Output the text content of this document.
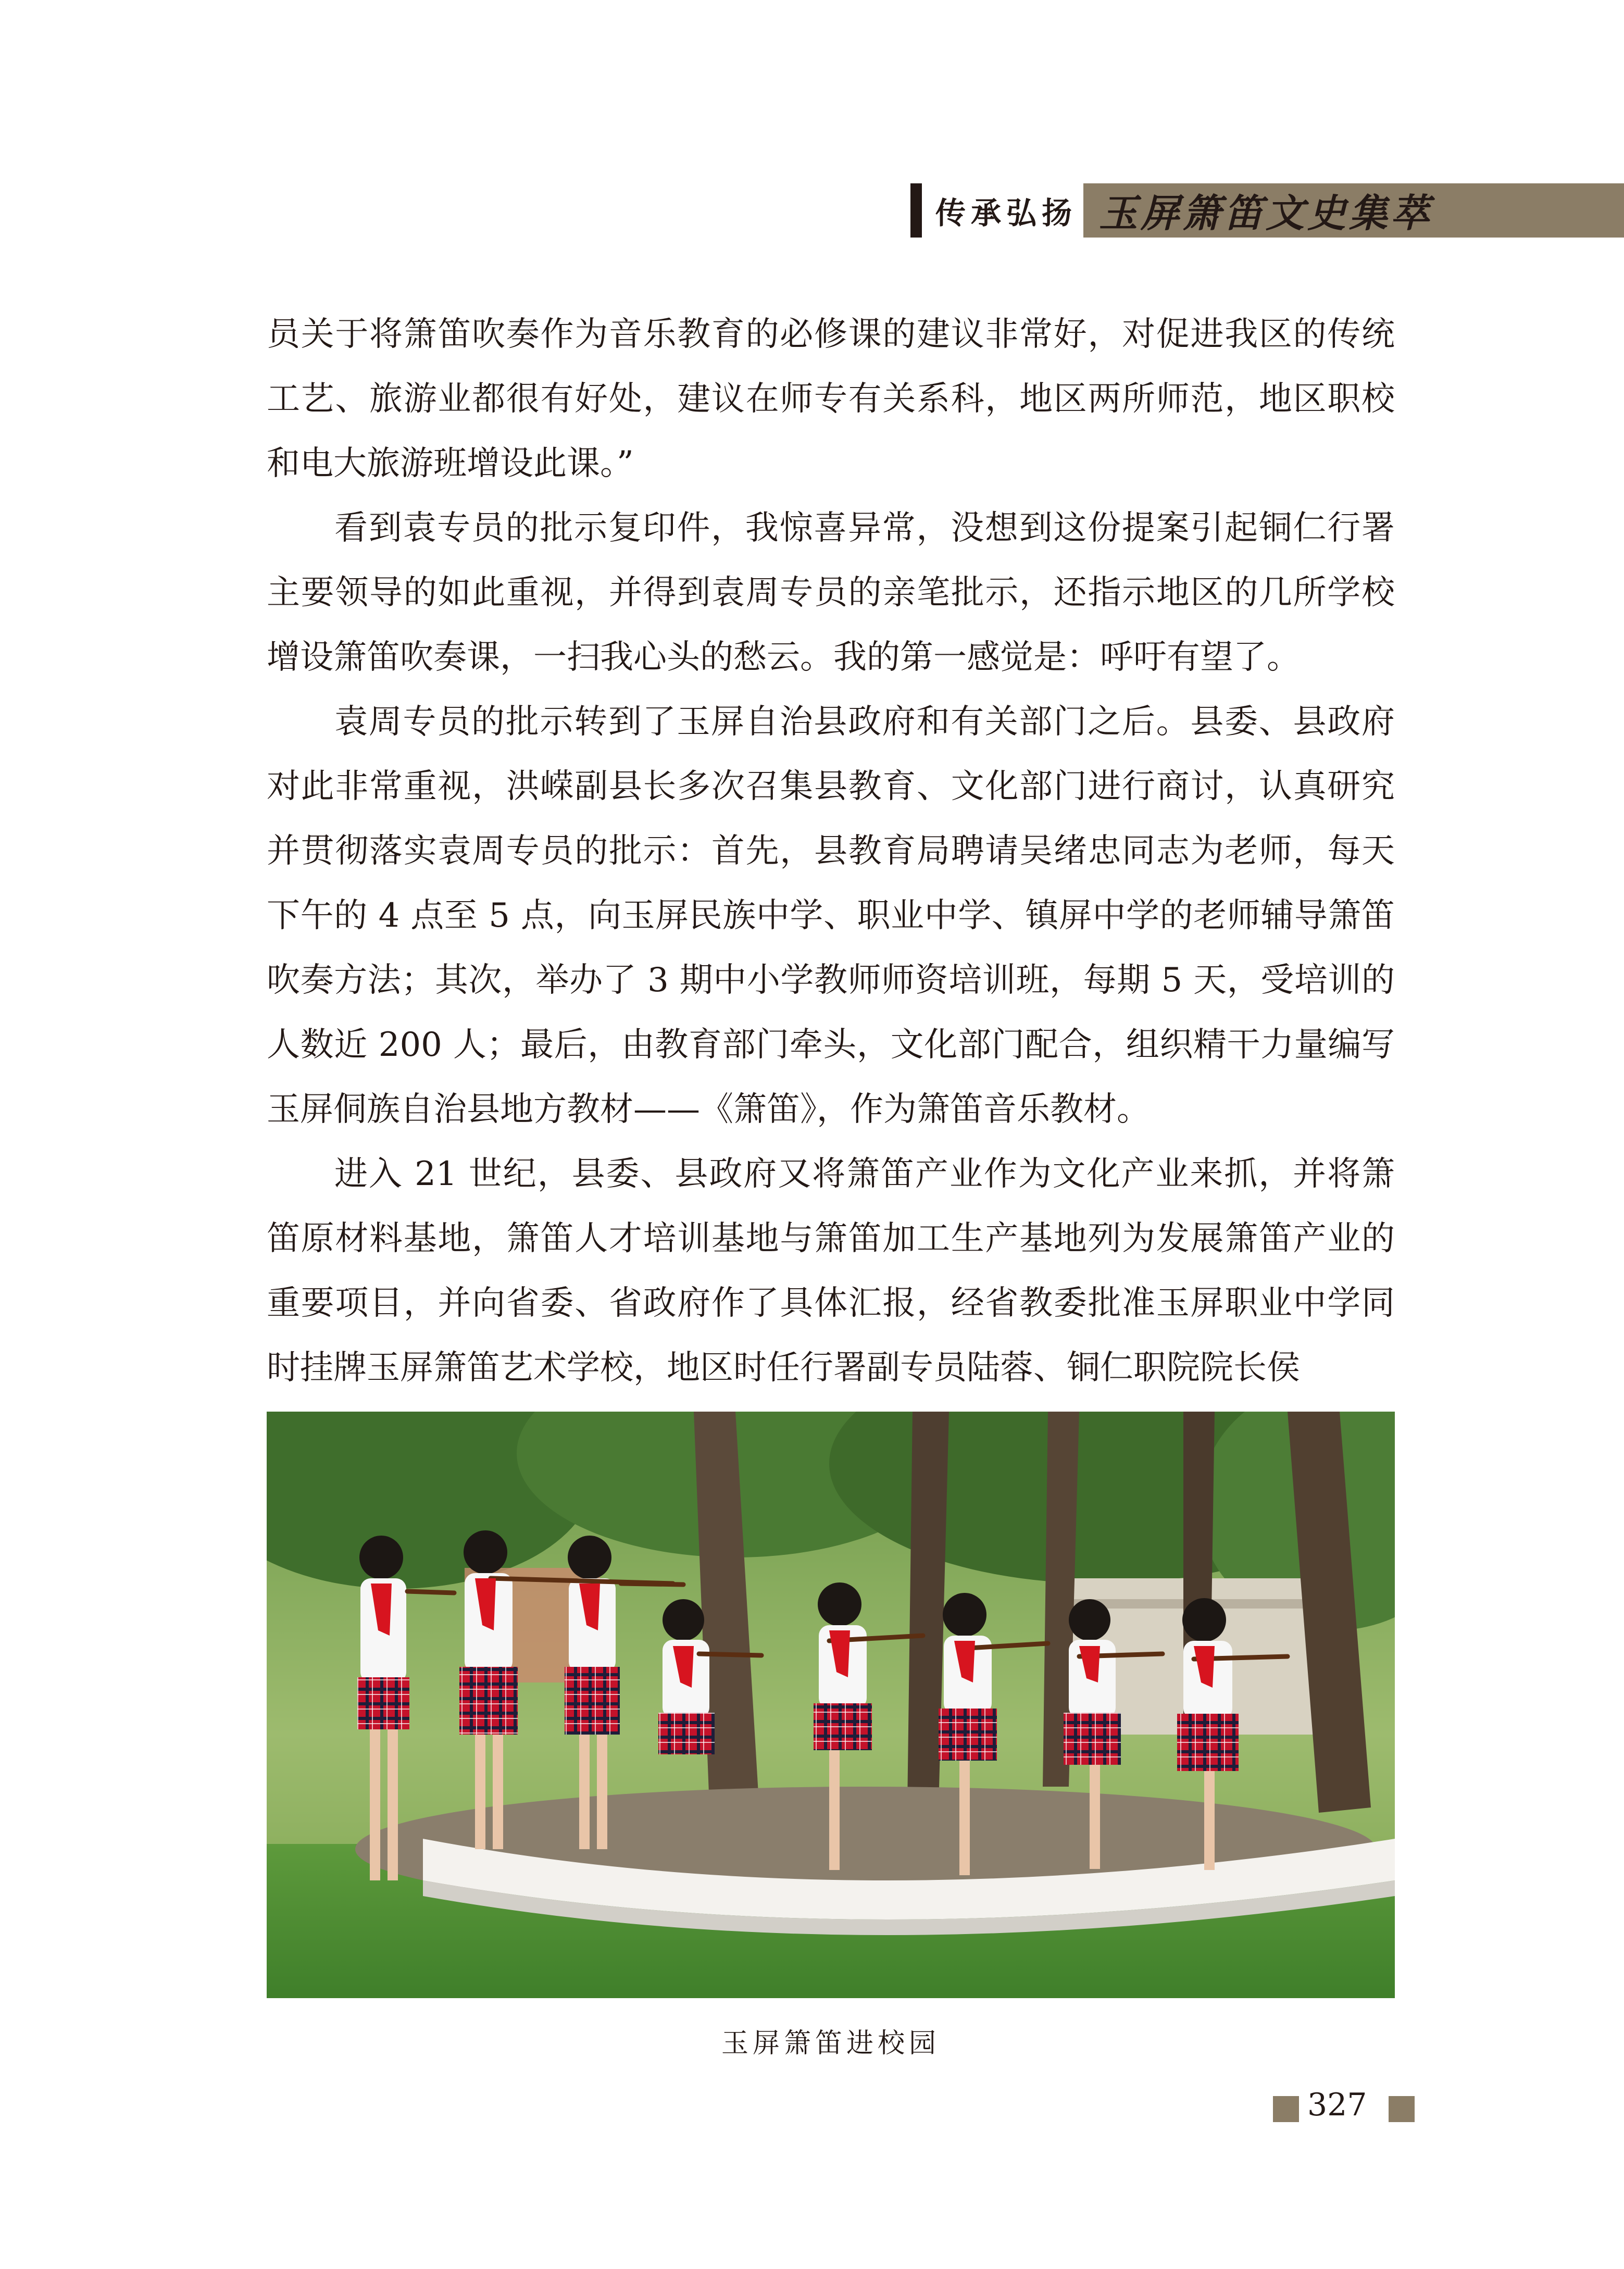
传承弘扬 玉屏箫笛文史集萃

员关于将箫笛吹奏作为音乐教育的必修课的建议非常好，对促进我区的传统工艺、旅游业都很有好处，建议在师专有关系科，地区两所师范，地区职校和电大旅游班增设此课。”

看到袁专员的批示复印件，我惊喜异常，没想到这份提案引起铜仁行署主要领导的如此重视，并得到袁周专员的亲笔批示，还指示地区的几所学校增设箫笛吹奏课，一扫我心头的愁云。我的第一感觉是：呼吁有望了。

袁周专员的批示转到了玉屏自治县政府和有关部门之后。县委、县政府对此非常重视，洪嵘副县长多次召集县教育、文化部门进行商讨，认真研究并贯彻落实袁周专员的批示：首先，县教育局聘请吴绪忠同志为老师，每天下午的 4 点至 5 点，向玉屏民族中学、职业中学、镇屏中学的老师辅导箫笛吹奏方法；其次，举办了 3 期中小学教师师资培训班，每期 5 天，受培训的人数近 200 人；最后，由教育部门牵头，文化部门配合，组织精干力量编写玉屏侗族自治县地方教材——《箫笛》，作为箫笛音乐教材。

进入 21 世纪，县委、县政府又将箫笛产业作为文化产业来抓，并将箫笛原材料基地，箫笛人才培训基地与箫笛加工生产基地列为发展箫笛产业的重要项目，并向省委、省政府作了具体汇报，经省教委批准玉屏职业中学同时挂牌玉屏箫笛艺术学校，地区时任行署副专员陆蓉、铜仁职院院长侯

玉屏箫笛进校园
327
